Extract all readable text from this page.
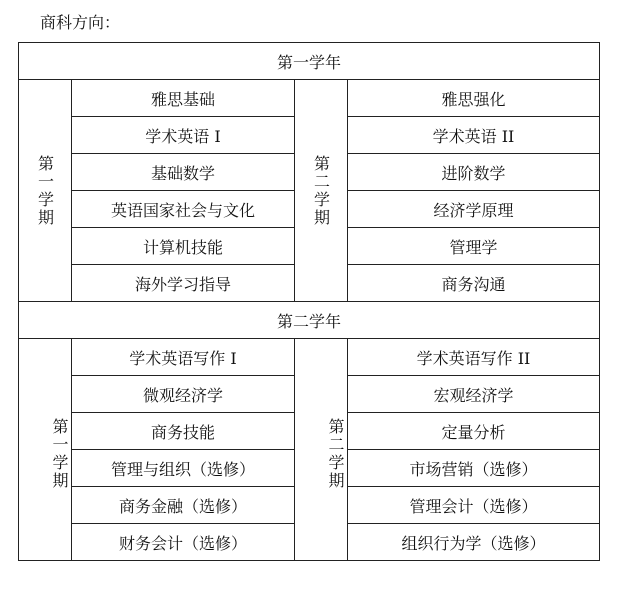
商科方向：
第一学年			
第一学期	雅思基础	第二学期	雅思强化
	学术英语 I		学术英语 II
	基础数学		进阶数学
	英语国家社会与文化		经济学原理
	计算机技能		管理学
	海外学习指导		商务沟通
第二学年			
第一学期	学术英语写作 I	第二学期	学术英语写作 II
	微观经济学		宏观经济学
	商务技能		定量分析
	管理与组织（选修）		市场营销（选修）
	商务金融（选修）		管理会计（选修）
	财务会计（选修）		组织行为学（选修）
